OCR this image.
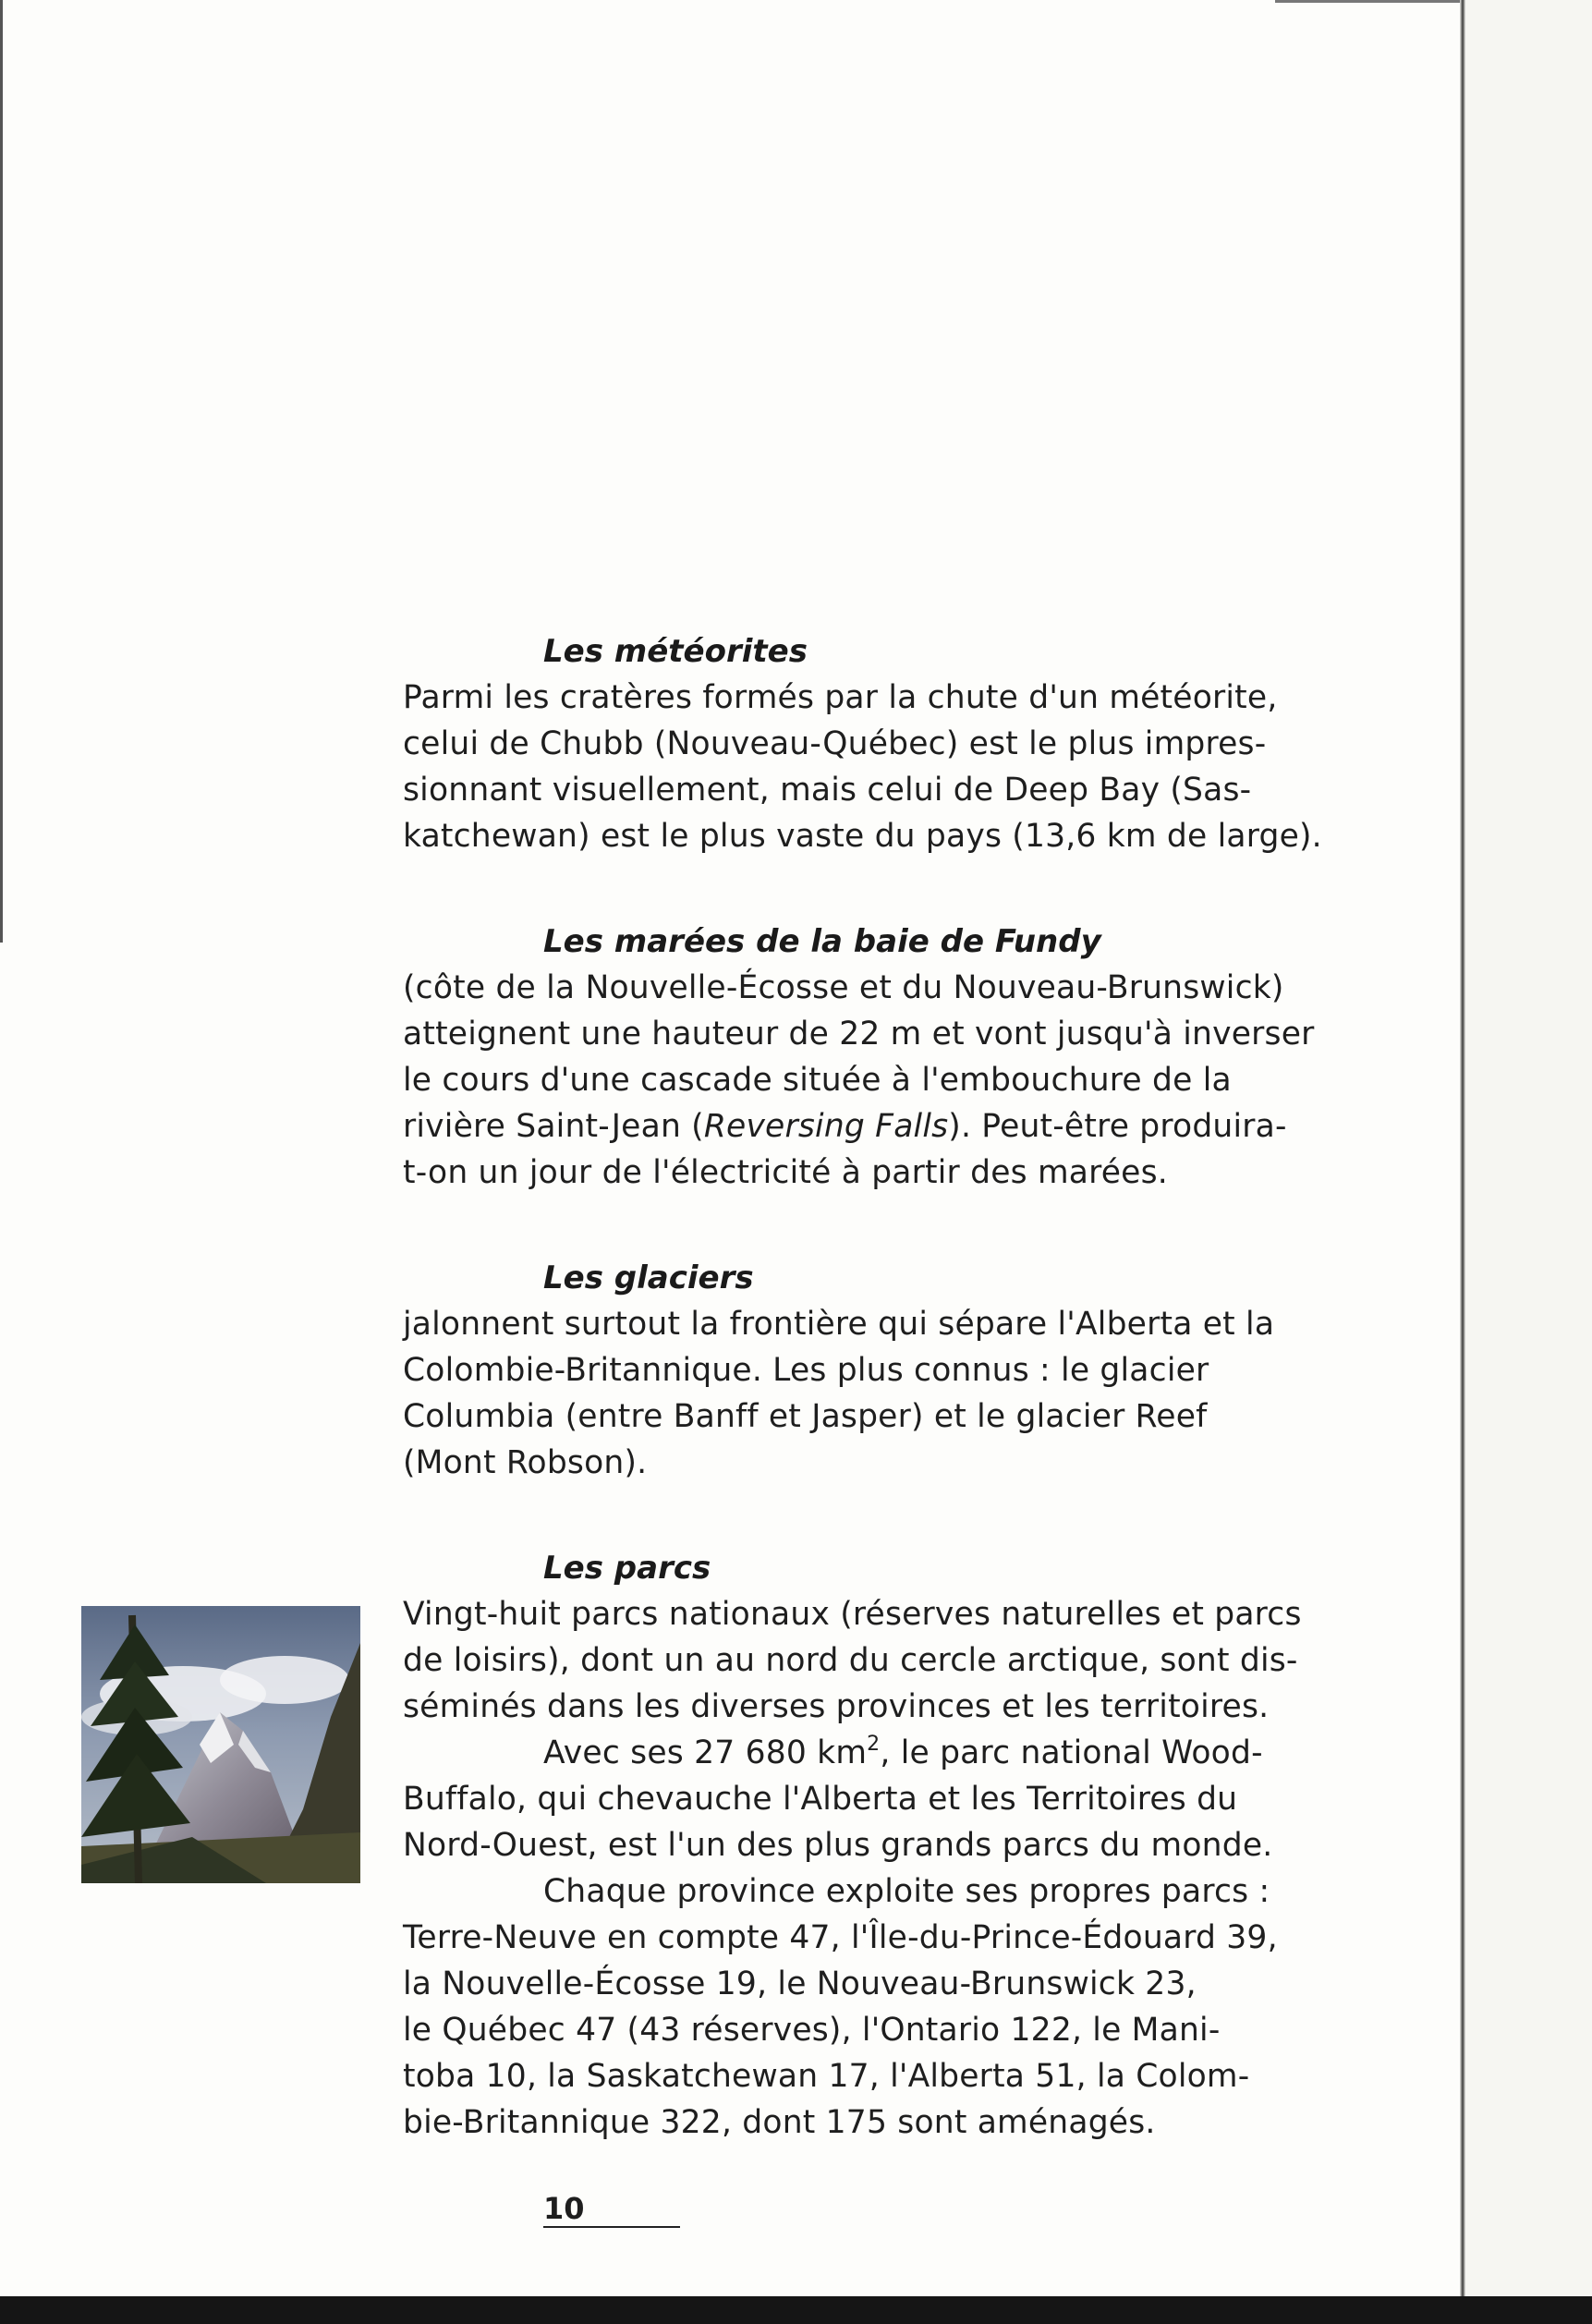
Les météorites

Parmi les cratères formés par la chute d'un météorite,
celui de Chubb (Nouveau-Québec) est le plus impres-
sionnant visuellement, mais celui de Deep Bay (Sas-
katchewan) est le plus vaste du pays (13,6 km de large).

Les marées de la baie de Fundy

(côte de la Nouvelle-Écosse et du Nouveau-Brunswick)
atteignent une hauteur de 22 m et vont jusqu'à inverser
le cours d'une cascade située à l'embouchure de la
rivière Saint-Jean (Reversing Falls). Peut-être produira-
t-on un jour de l'électricité à partir des marées.

Les glaciers

jalonnent surtout la frontière qui sépare l'Alberta et la
Colombie-Britannique. Les plus connus : le glacier
Columbia (entre Banff et Jasper) et le glacier Reef
(Mont Robson).

Les parcs

Vingt-huit parcs nationaux (réserves naturelles et parcs
de loisirs), dont un au nord du cercle arctique, sont dis-
séminés dans les diverses provinces et les territoires.
Avec ses 27 680 $km^2$, le parc national Wood-
Buffalo, qui chevauche l'Alberta et les Territoires du
Nord-Ouest, est l'un des plus grands parcs du monde.
Chaque province exploite ses propres parcs :
Terre-Neuve en compte 47, l'Île-du-Prince-Édouard 39,
la Nouvelle-Écosse 19, le Nouveau-Brunswick 23,
le Québec 47 (43 réserves), l'Ontario 122, le Mani-
toba 10, la Saskatchewan 17, l'Alberta 51, la Colom-
bie-Britannique 322, dont 175 sont aménagés.

10
